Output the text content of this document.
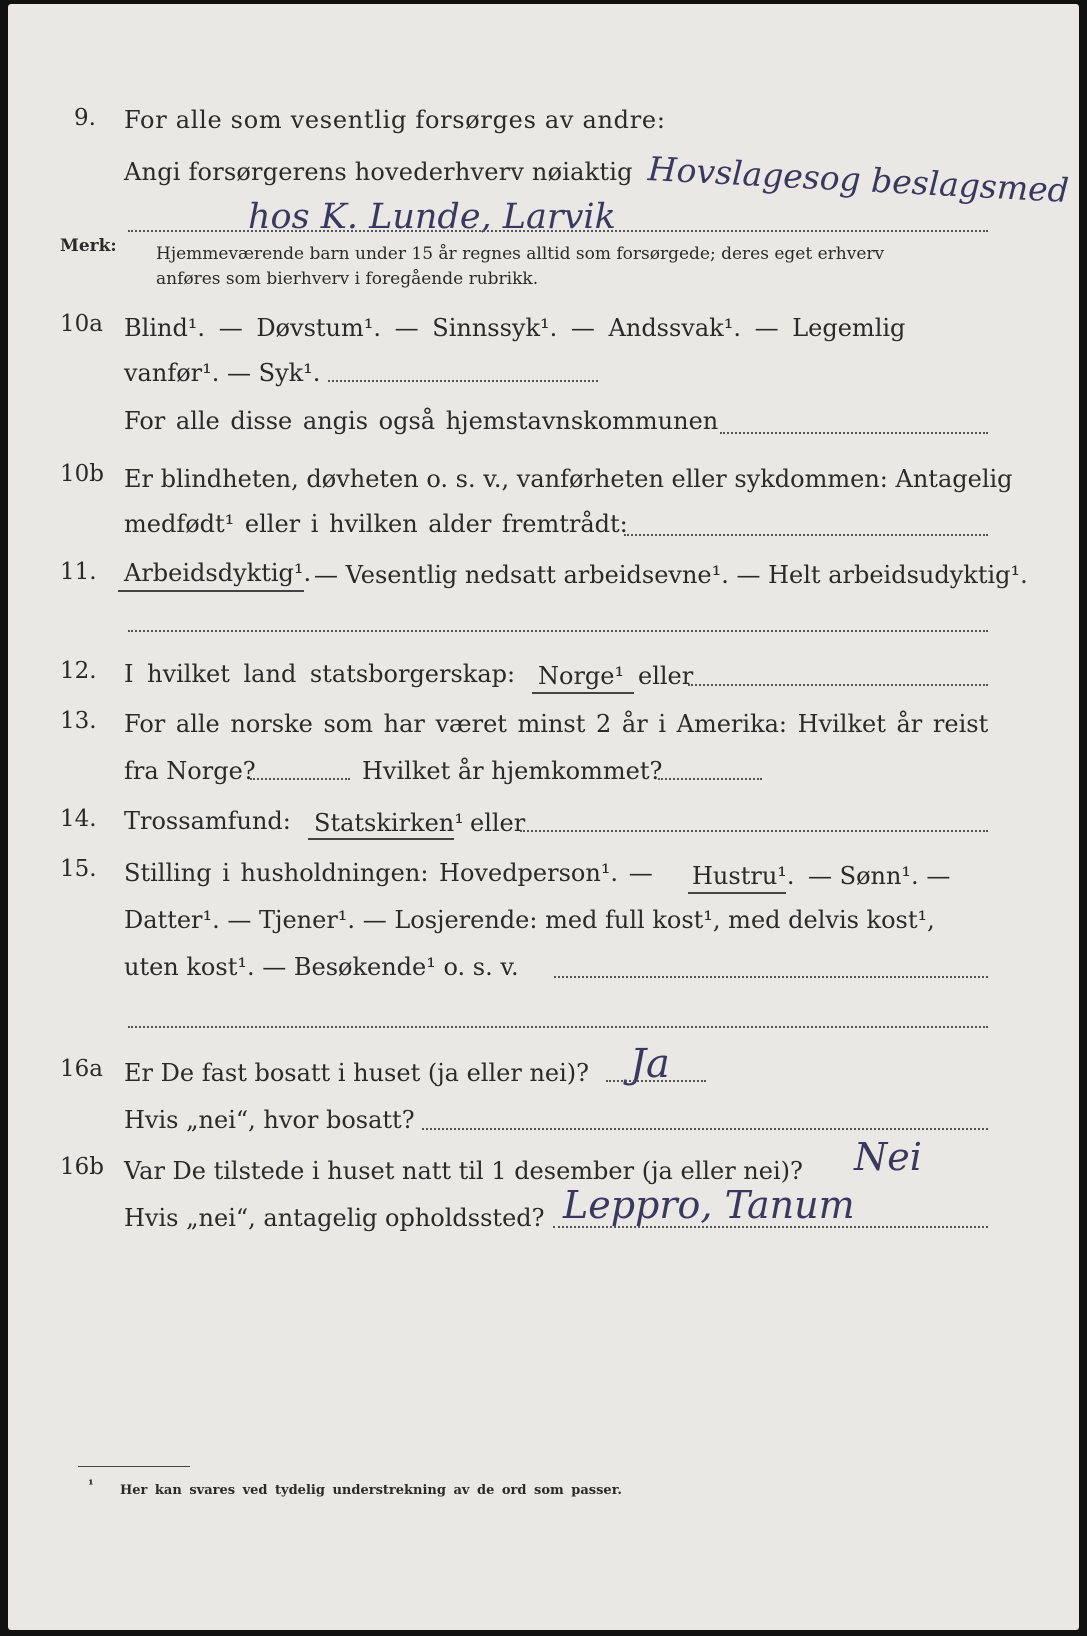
9. For alle som vesentlig forsørges av andre:
Angi forsørgerens hovederhverv nøiaktig Hovslagesog beslagsmed
hos K. Lunde, Larvik
Merk: Hjemmeværende barn under 15 år regnes alltid som forsørgede; deres eget erhverv
anføres som bierhverv i foregående rubrikk.
10a Blind¹. — Døvstum¹. — Sinnssyk¹. — Andssvak¹. — Legemlig
vanfør¹. — Syk¹.
For alle disse angis også hjemstavnskommunen
10b Er blindheten, døvheten o. s. v., vanførheten eller sykdommen: Antagelig
medfødt¹ eller i hvilken alder fremtrådt:
11. Arbeidsdyktig¹. — Vesentlig nedsatt arbeidsevne¹. — Helt arbeidsudyktig¹.
12. I hvilket land statsborgerskap: Norge¹ eller
13. For alle norske som har været minst 2 år i Amerika: Hvilket år reist
fra Norge?	Hvilket år hjemkommet?
14. Trossamfund: Statskirken¹ eller
15. Stilling i husholdningen: Hovedperson¹. — Hustru¹. — Sønn¹. —
Datter¹. — Tjener¹. — Losjerende: med full kost¹, med delvis kost¹,
uten kost¹. — Besøkende¹ o. s. v.
16a Er De fast bosatt i huset (ja eller nei)? Ja
Hvis „nei“, hvor bosatt?
16b Var De tilstede i huset natt til 1 desember (ja eller nei)? Nei
Hvis „nei“, antagelig opholdssted? Leppro, Tanum
¹ Her kan svares ved tydelig understrekning av de ord som passer.
